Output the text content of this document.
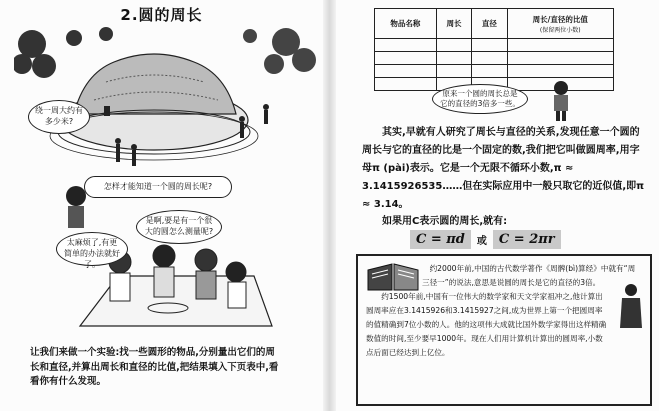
2.圆的周长
绕一周大约有多少米?
怎样才能知道一个圆的周长呢?
是啊,要是有一个很大的圆怎么测量呢?
太麻烦了,有更简单的办法就好了。

让我们来做一个实验:找一些圆形的物品,分别量出它们的周长和直径,并算出周长和直径的比值,把结果填入下页表中,看看你有什么发现。

物品名称	周长	直径	周长/直径的比值
(保留两位小数)

原来一个圆的周长总是它的直径的3倍多一些。

其实,早就有人研究了周长与直径的关系,发现任意一个圆的周长与它的直径的比是一个固定的数,我们把它叫做圆周率,用字母π (pài)表示。它是一个无限不循环小数,π ≈ 3.1415926535……但在实际应用中一般只取它的近似值,即π ≈ 3.14。

如果用C表示圆的周长,就有:
C = πd	或 C = 2πr

约2000年前,中国的古代数学著作《周髀(bì)算经》中就有“周三径一”的说法,意思是说圆的周长是它的直径的3倍。

约1500年前,中国有一位伟大的数学家和天文学家祖冲之,他计算出圆周率应在3.1415926和3.1415927之间,成为世界上第一个把圆周率的值精确到7位小数的人。他的这项伟大成就比国外数学家得出这样精确数值的时间,至少要早1000年。现在人们用计算机计算出的圆周率,小数点后面已经达到上亿位。
